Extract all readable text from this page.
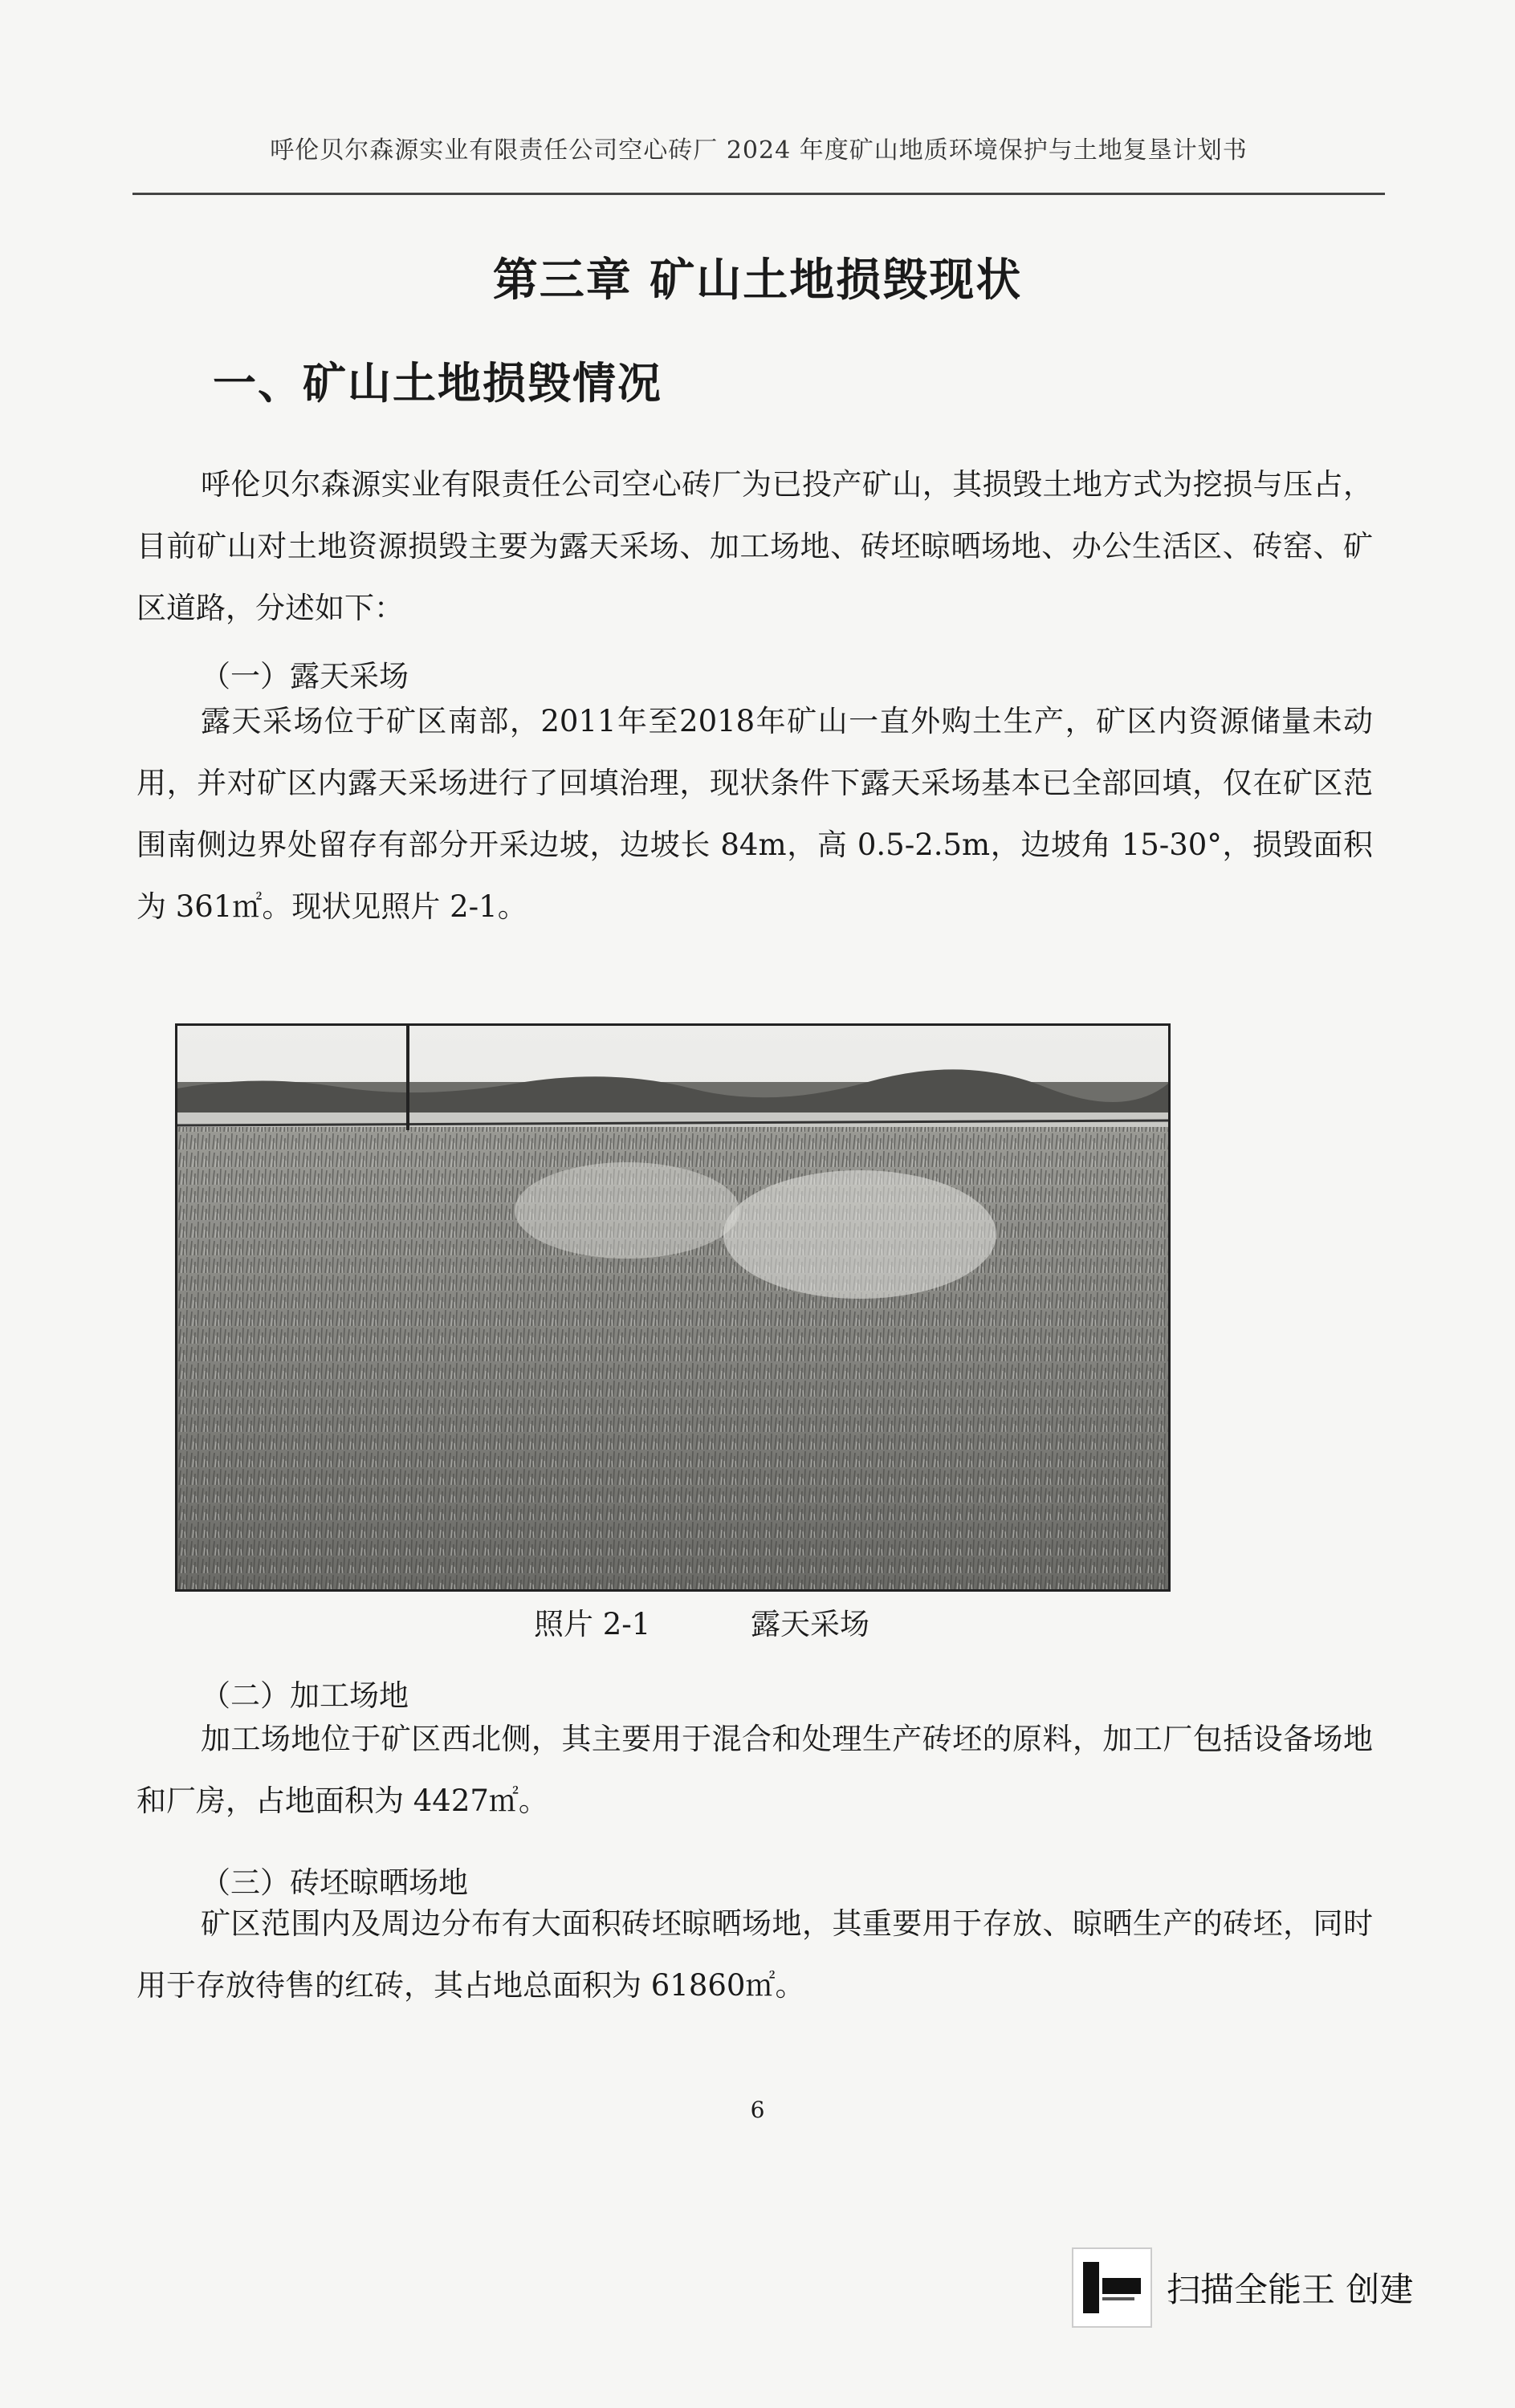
呼伦贝尔森源实业有限责任公司空心砖厂 2024 年度矿山地质环境保护与土地复垦计划书
第三章 矿山土地损毁现状
一、矿山土地损毁情况
呼伦贝尔森源实业有限责任公司空心砖厂为已投产矿山，其损毁土地方式为挖损与压占，目前矿山对土地资源损毁主要为露天采场、加工场地、砖坯晾晒场地、办公生活区、砖窑、矿区道路，分述如下：
（一）露天采场
露天采场位于矿区南部，2011年至2018年矿山一直外购土生产，矿区内资源储量未动用，并对矿区内露天采场进行了回填治理，现状条件下露天采场基本已全部回填，仅在矿区范围南侧边界处留存有部分开采边坡，边坡长 84m，高 0.5-2.5m，边坡角 15-30°，损毁面积为 361㎡。现状见照片 2-1。
照片 2-1	露天采场
（二）加工场地
加工场地位于矿区西北侧，其主要用于混合和处理生产砖坯的原料，加工厂包括设备场地和厂房，占地面积为 4427㎡。
（三）砖坯晾晒场地
矿区范围内及周边分布有大面积砖坯晾晒场地，其重要用于存放、晾晒生产的砖坯，同时用于存放待售的红砖，其占地总面积为 61860㎡。
6
扫描全能王 创建
